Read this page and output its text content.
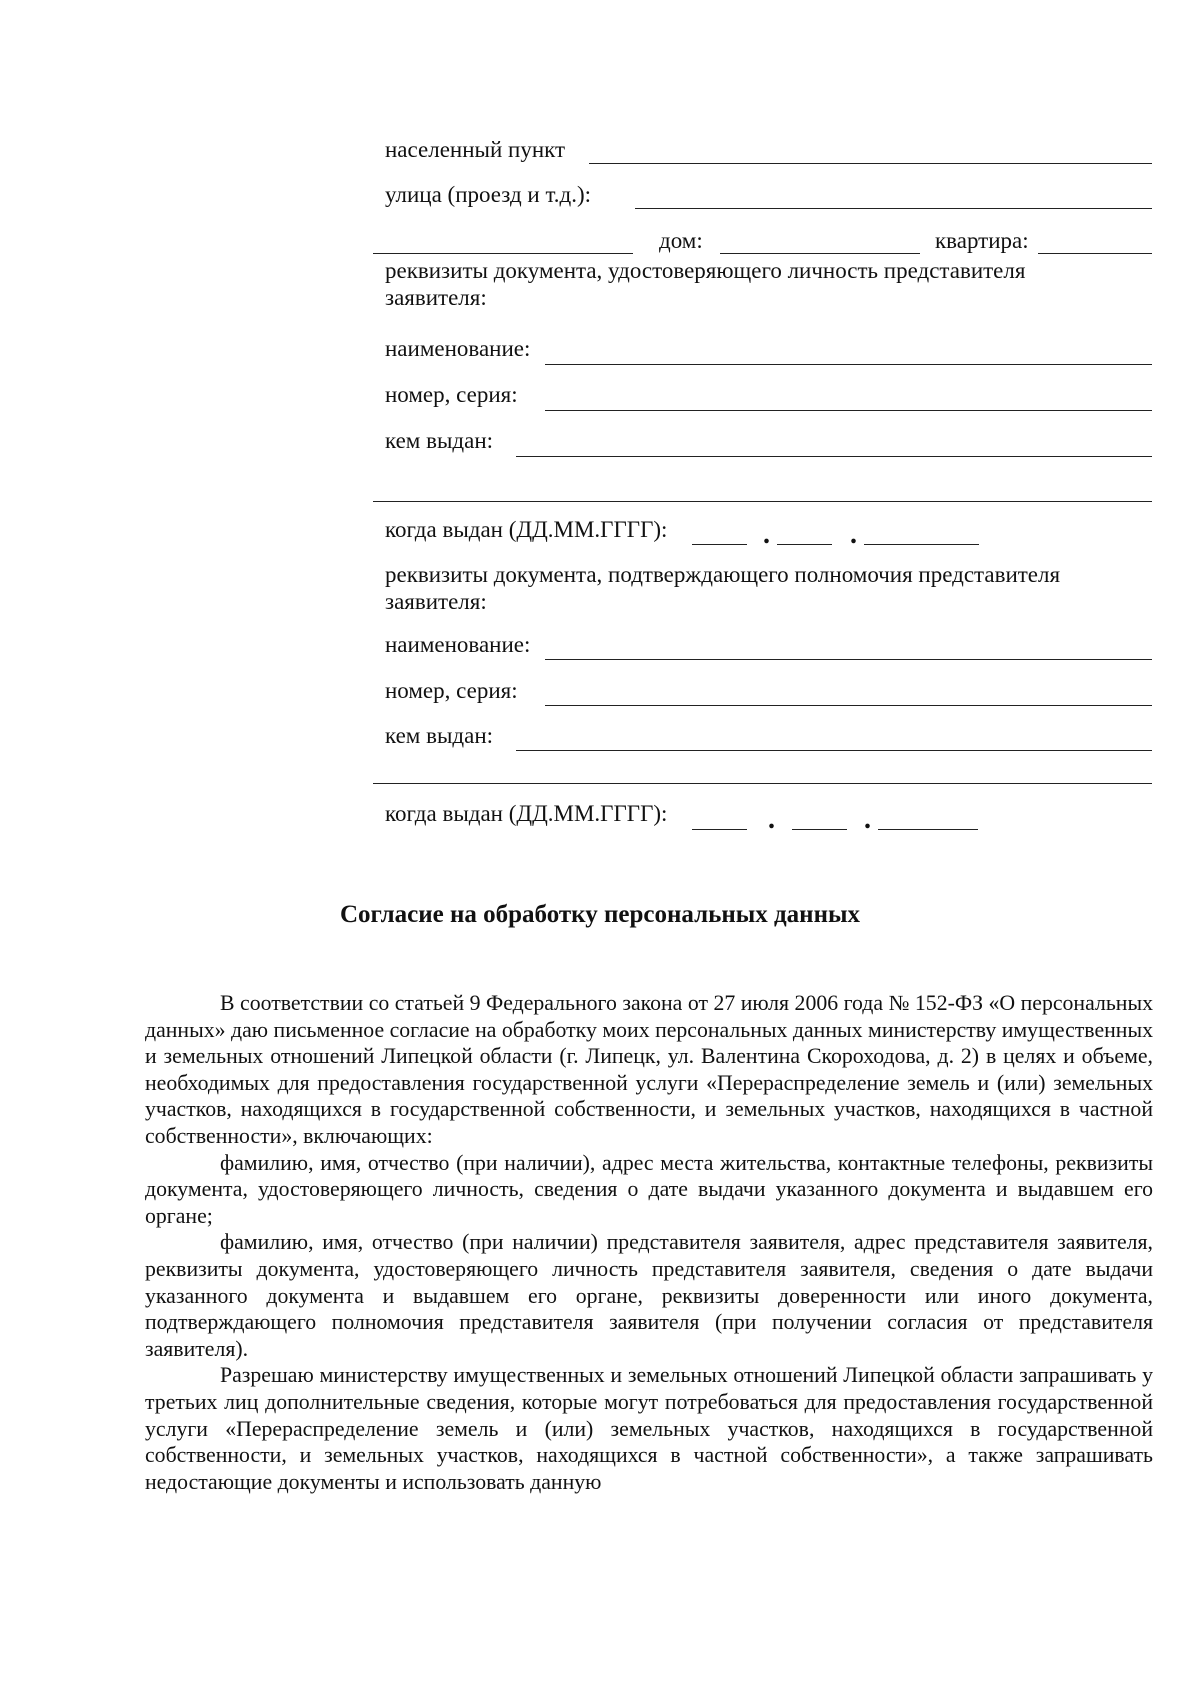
населенный пункт
улица (проезд и т.д.):
дом:	квартира:
реквизиты документа, удостоверяющего личность представителя
заявителя:
наименование:
номер, серия:
кем выдан:
когда выдан (ДД.ММ.ГГГГ):	.	.
реквизиты документа, подтверждающего полномочия представителя
заявителя:
наименование:
номер, серия:
кем выдан:
когда выдан (ДД.ММ.ГГГГ):	.	.
Согласие на обработку персональных данных

В соответствии со статьей 9 Федерального закона от 27 июля 2006 года № 152-ФЗ «О персональных данных» даю письменное согласие на обработку моих персональных данных министерству имущественных и земельных отношений Липецкой области (г. Липецк, ул. Валентина Скороходова, д. 2) в целях и объеме, необходимых для предоставления государственной услуги «Перераспределение земель и (или) земельных участков, находящихся в государственной собственности, и земельных участков, находящихся в частной собственности», включающих:

фамилию, имя, отчество (при наличии), адрес места жительства, контактные телефоны, реквизиты документа, удостоверяющего личность, сведения о дате выдачи указанного документа и выдавшем его органе;

фамилию, имя, отчество (при наличии) представителя заявителя, адрес представителя заявителя, реквизиты документа, удостоверяющего личность представителя заявителя, сведения о дате выдачи указанного документа и выдавшем его органе, реквизиты доверенности или иного документа, подтверждающего полномочия представителя заявителя (при получении согласия от представителя заявителя).

Разрешаю министерству имущественных и земельных отношений Липецкой области запрашивать у третьих лиц дополнительные сведения, которые могут потребоваться для предоставления государственной услуги «Перераспределение земель и (или) земельных участков, находящихся в государственной собственности, и земельных участков, находящихся в частной собственности», а также запрашивать недостающие документы и использовать данную
